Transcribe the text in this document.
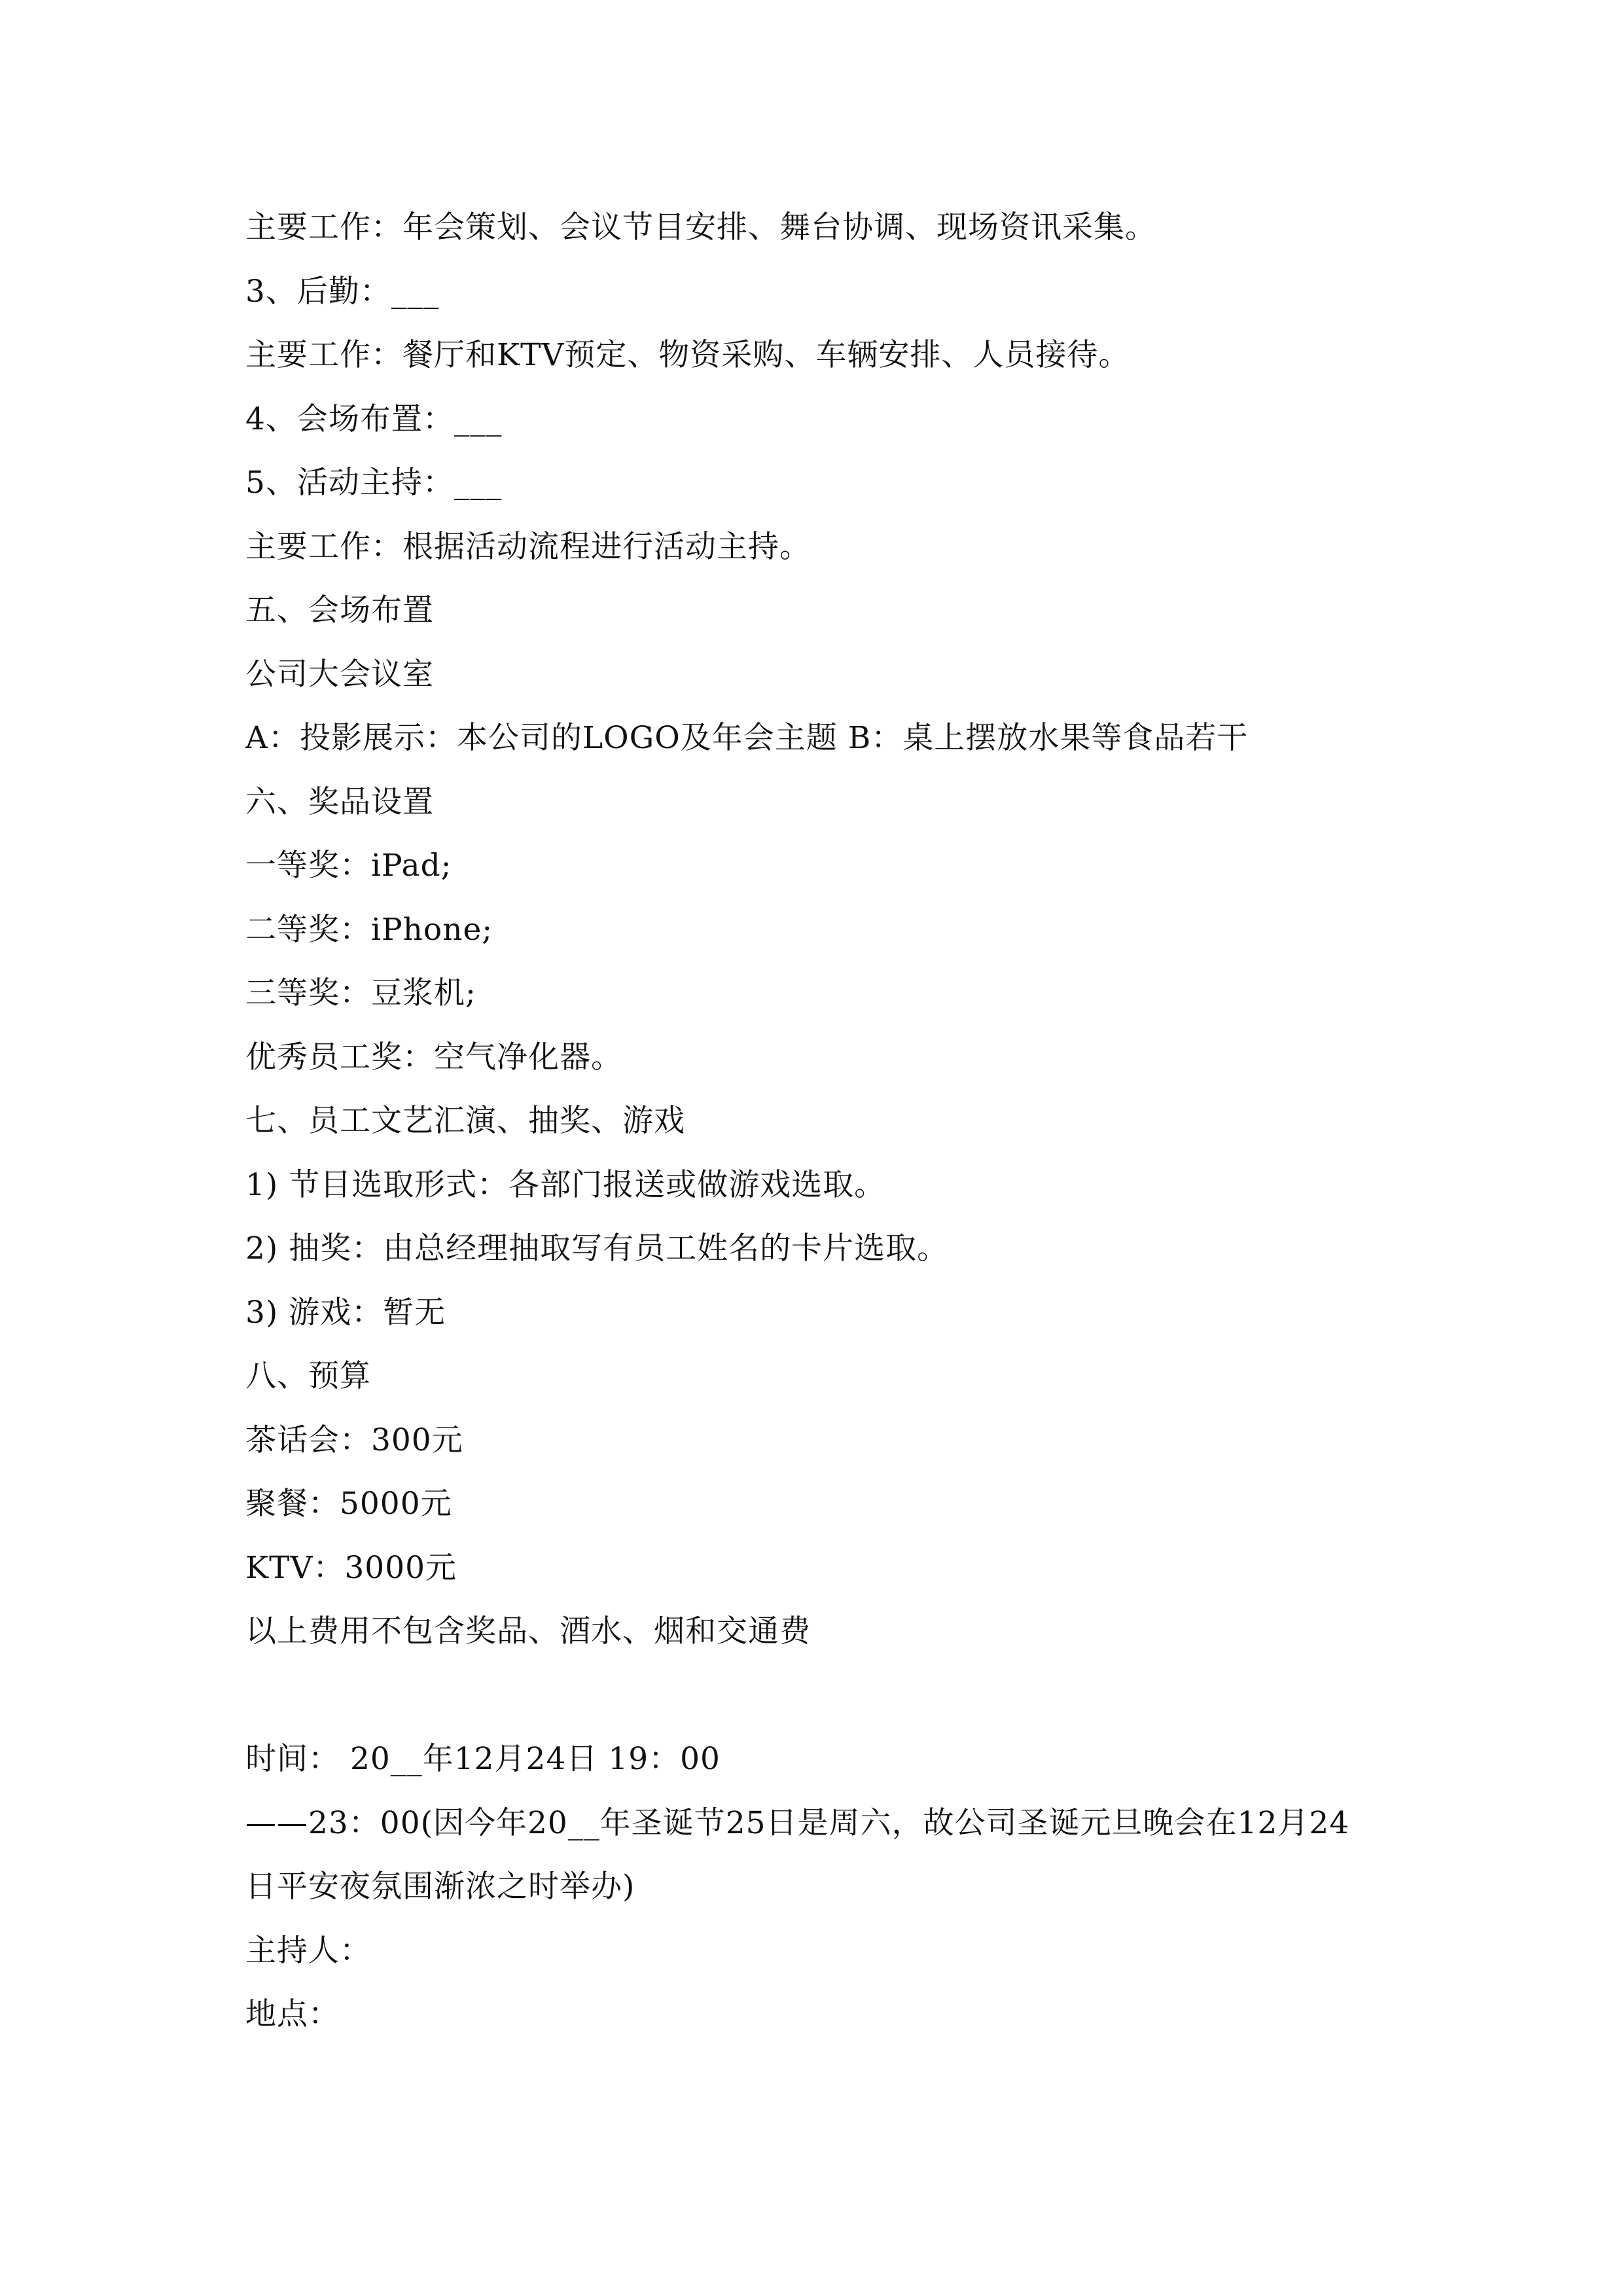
主要工作：年会策划、会议节目安排、舞台协调、现场资讯采集。
3、后勤：___
主要工作：餐厅和KTV预定、物资采购、车辆安排、人员接待。
4、会场布置：___
5、活动主持：___
主要工作：根据活动流程进行活动主持。
五、会场布置
公司大会议室
A：投影展示：本公司的LOGO及年会主题 B：桌上摆放水果等食品若干
六、奖品设置
一等奖：iPad;
二等奖：iPhone;
三等奖：豆浆机;
优秀员工奖：空气净化器。
七、员工文艺汇演、抽奖、游戏
1) 节目选取形式：各部门报送或做游戏选取。
2) 抽奖：由总经理抽取写有员工姓名的卡片选取。
3) 游戏：暂无
八、预算
茶话会：300元
聚餐：5000元
KTV：3000元
以上费用不包含奖品、酒水、烟和交通费
时间： 20__年12月24日 19：00
——23：00(因今年20__年圣诞节25日是周六，故公司圣诞元旦晚会在12月24
日平安夜氛围渐浓之时举办)
主持人：
地点：
